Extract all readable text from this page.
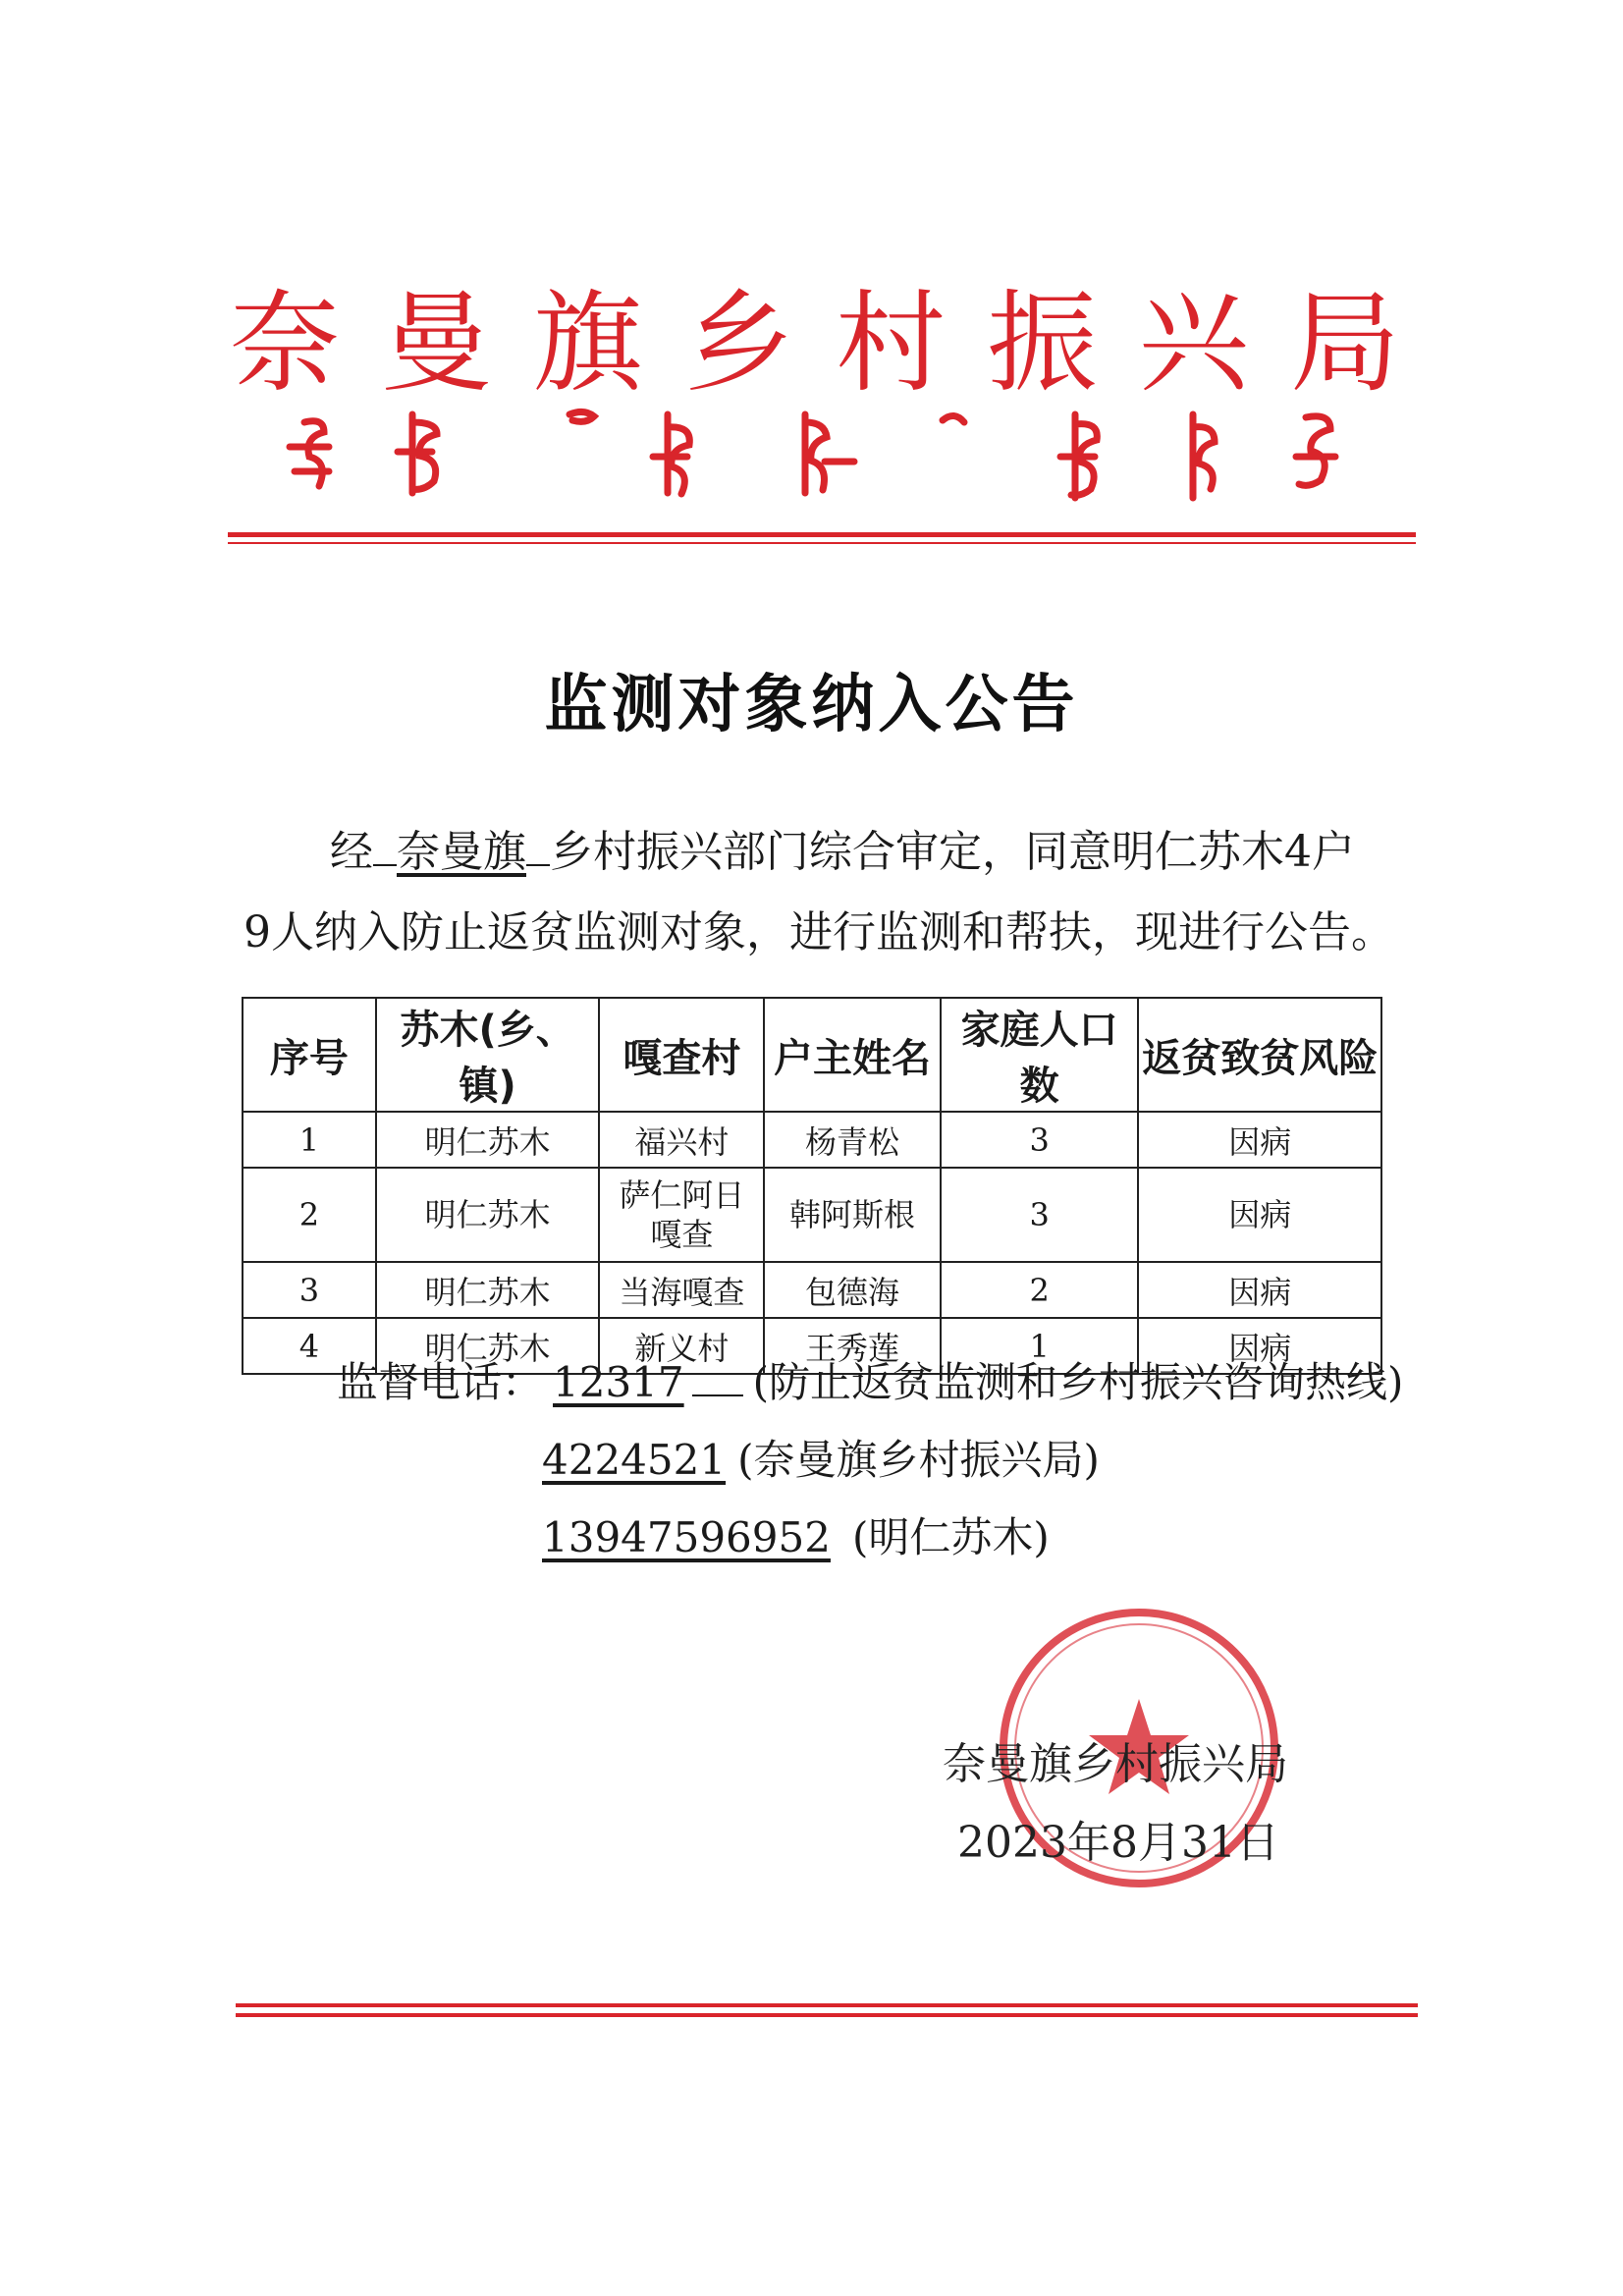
奈 曼 旗 乡 村 振 兴 局
监测对象纳入公告
经 奈曼旗 乡村振兴部门综合审定，同意明仁苏木4户
9人纳入防止返贫监测对象，进行监测和帮扶，现进行公告。
序号	苏木(乡、镇)	嘎查村	户主姓名	家庭人口数	返贫致贫风险
1	明仁苏木	福兴村	杨青松	3	因病
2	明仁苏木	萨仁阿日嘎查	韩阿斯根	3	因病
3	明仁苏木	当海嘎查	包德海	2	因病
4	明仁苏木	新义村	王秀莲	1	因病
监督电话： 12317 (防止返贫监测和乡村振兴咨询热线)
4224521 (奈曼旗乡村振兴局)
13947596952 (明仁苏木)
奈曼旗乡村振兴局
2023年8月31日
